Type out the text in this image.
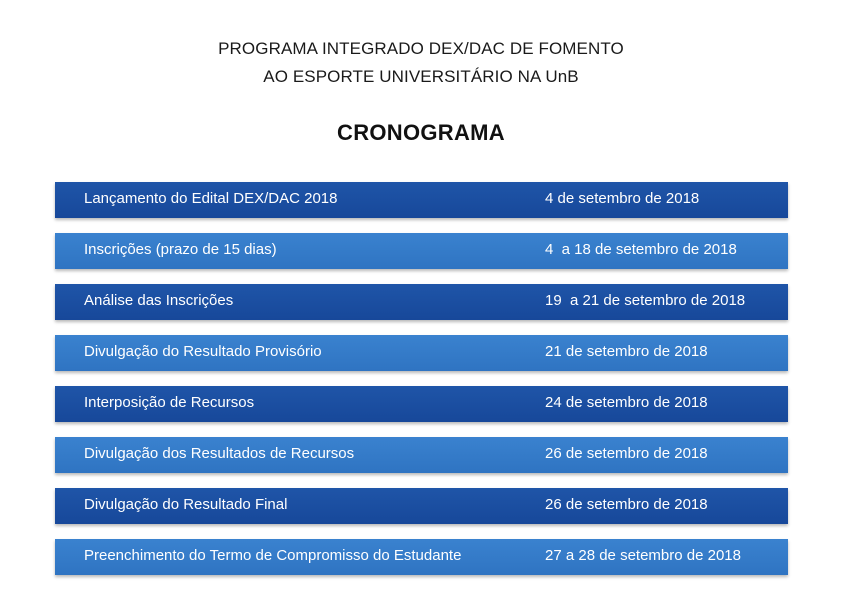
PROGRAMA INTEGRADO DEX/DAC DE FOMENTO
AO ESPORTE UNIVERSITÁRIO NA UnB
CRONOGRAMA
Lançamento do Edital DEX/DAC 2018	4 de setembro de 2018
Inscrições (prazo de 15 dias)	4  a 18 de setembro de 2018
Análise das Inscrições	19  a 21 de setembro de 2018
Divulgação do Resultado Provisório	21 de setembro de 2018
Interposição de Recursos	24 de setembro de 2018
Divulgação dos Resultados de Recursos	26 de setembro de 2018
Divulgação do Resultado Final	26 de setembro de 2018
Preenchimento do Termo de Compromisso do Estudante	27 a 28 de setembro de 2018
